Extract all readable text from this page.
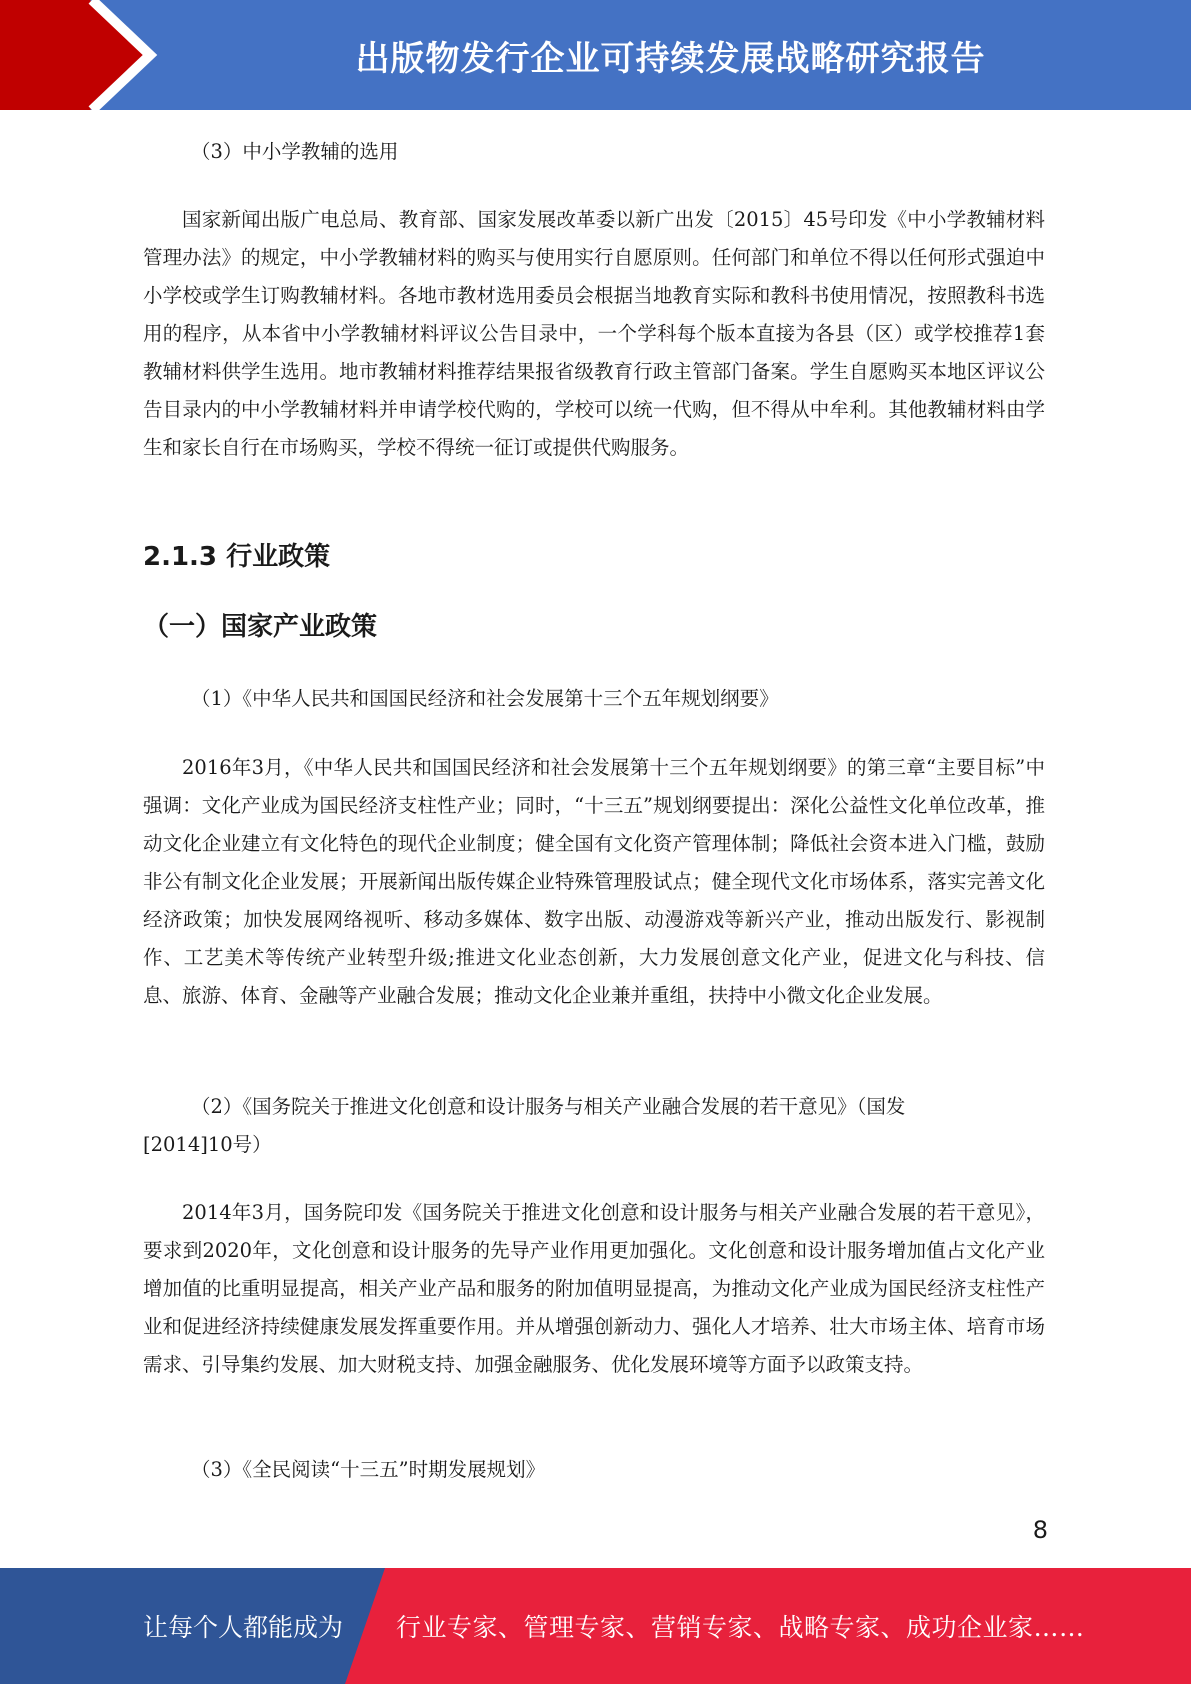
出版物发行企业可持续发展战略研究报告

（3）中小学教辅的选用

国家新闻出版广电总局、教育部、国家发展改革委以新广出发〔2015〕45号印发《中小学教辅材料管理办法》的规定，中小学教辅材料的购买与使用实行自愿原则。任何部门和单位不得以任何形式强迫中小学校或学生订购教辅材料。各地市教材选用委员会根据当地教育实际和教科书使用情况，按照教科书选用的程序，从本省中小学教辅材料评议公告目录中，一个学科每个版本直接为各县（区）或学校推荐1套教辅材料供学生选用。地市教辅材料推荐结果报省级教育行政主管部门备案。学生自愿购买本地区评议公告目录内的中小学教辅材料并申请学校代购的，学校可以统一代购，但不得从中牟利。其他教辅材料由学生和家长自行在市场购买，学校不得统一征订或提供代购服务。

2.1.3 行业政策
（一）国家产业政策

（1）《中华人民共和国国民经济和社会发展第十三个五年规划纲要》

2016年3月，《中华人民共和国国民经济和社会发展第十三个五年规划纲要》的第三章“主要目标”中强调：文化产业成为国民经济支柱性产业；同时，“十三五”规划纲要提出：深化公益性文化单位改革，推动文化企业建立有文化特色的现代企业制度；健全国有文化资产管理体制；降低社会资本进入门槛，鼓励非公有制文化企业发展；开展新闻出版传媒企业特殊管理股试点；健全现代文化市场体系，落实完善文化经济政策；加快发展网络视听、移动多媒体、数字出版、动漫游戏等新兴产业，推动出版发行、影视制作、工艺美术等传统产业转型升级;推进文化业态创新，大力发展创意文化产业，促进文化与科技、信息、旅游、体育、金融等产业融合发展；推动文化企业兼并重组，扶持中小微文化企业发展。

（2）《国务院关于推进文化创意和设计服务与相关产业融合发展的若干意见》（国发[2014]10号）

2014年3月，国务院印发《国务院关于推进文化创意和设计服务与相关产业融合发展的若干意见》，要求到2020年，文化创意和设计服务的先导产业作用更加强化。文化创意和设计服务增加值占文化产业增加值的比重明显提高，相关产业产品和服务的附加值明显提高，为推动文化产业成为国民经济支柱性产业和促进经济持续健康发展发挥重要作用。并从增强创新动力、强化人才培养、壮大市场主体、培育市场需求、引导集约发展、加大财税支持、加强金融服务、优化发展环境等方面予以政策支持。

（3）《全民阅读“十三五”时期发展规划》

8
让每个人都能成为 行业专家、管理专家、营销专家、战略专家、成功企业家……
